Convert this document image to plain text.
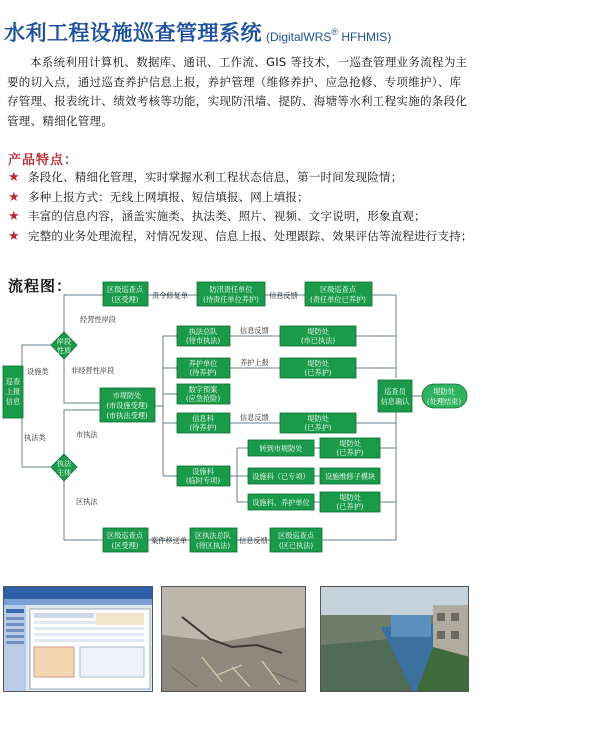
水利工程设施巡查管理系统 (DigitalWRS® HFHMIS)

本系统利用计算机、数据库、通讯、工作流、GIS 等技术，一巡查管理业务流程为主要的切入点，通过巡查养护信息上报，养护管理（维修养护、应急抢修、专项维护）、库存管理、报表统计、绩效考核等功能，实现防汛墙、提防、海塘等水利工程实施的条段化管理、精细化管理。

产品特点：
★ 条段化、精细化管理，实时掌握水利工程状态信息，第一时间发现险情；
★ 多种上报方式：无线上网填报、短信填报、网上填报；
★ 丰富的信息内容，涵盖实施类、执法类、照片、视频、文字说明，形象直观；
★ 完整的业务处理流程，对情况发现、信息上报、处理跟踪、效果评估等流程进行支持；
流程图：
巡查
上报
信息
岸段
性质
执法
主体
设施类
执法类
经营性岸段
非经营性岸段
市执法
区执法
区级巡查点
(区受理) 责令修复单
防汛责任单位
(待责任单位养护) 信息反馈
区级巡查点
(责任单位已养护)
市堤防处
(市设施受理)
(市执法受理)
执法总队
(待市执法)
信息反馈	堤防处
(市已执法)
养护单位
(待养护)
养护上报	堤防处
(已养护)
数字预案
(应急抢险)
信息科
(待养护)
信息反馈	堤防处
(已养护)
设施科
(临时专项)
转到市规防处
堤防处
(已养护)
设施科（已专项） 设施维修子模块
设施科、养护单位
堤防处
(已养护)
巡查员
信息确认
堤防处
(处理结束)
区级巡查点
(区受理)
案件移送单
区执法总队
(待区执法)
信息反馈
区级巡查点
(区已执法)
